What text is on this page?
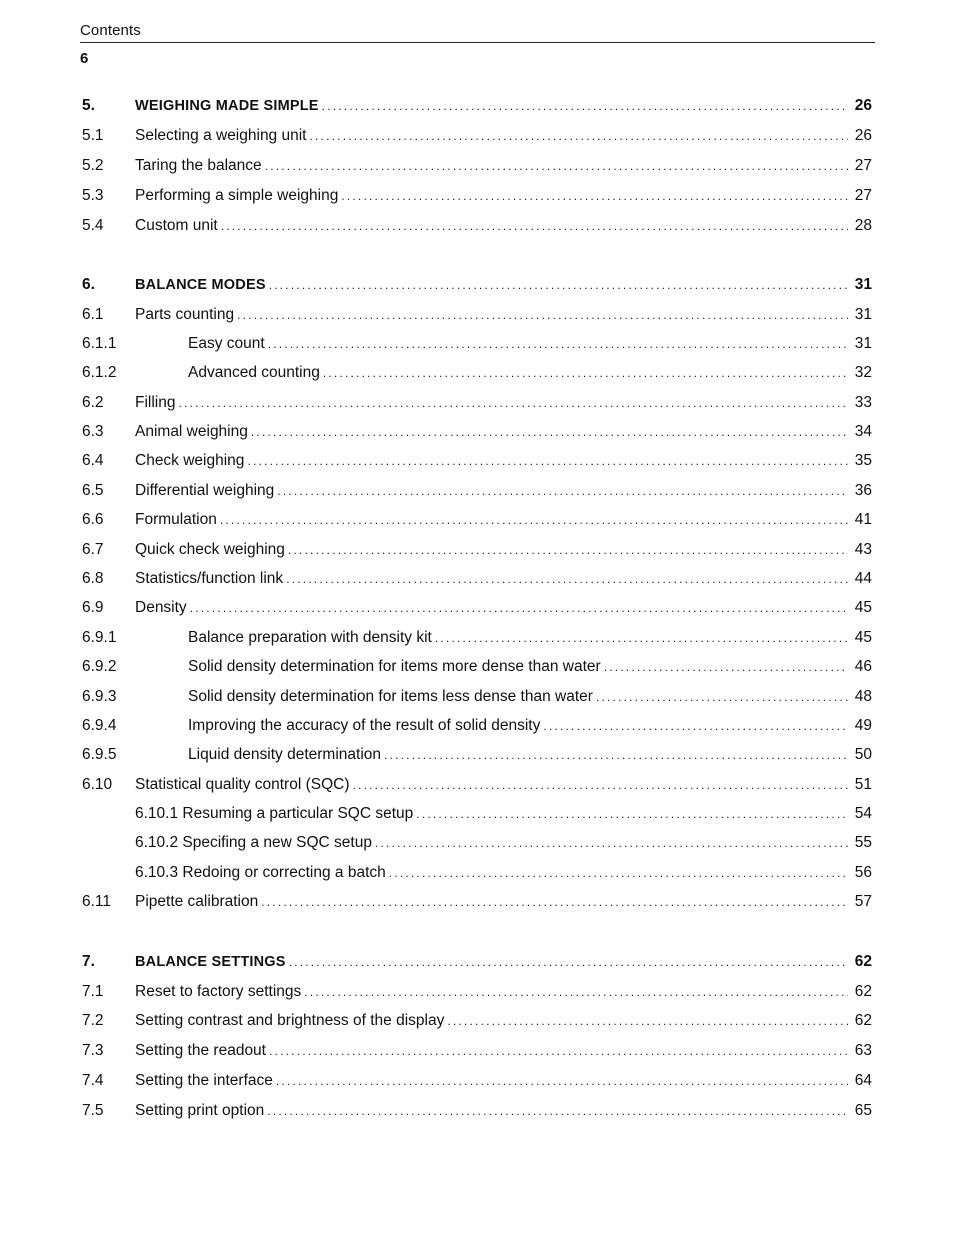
Contents
6
5.	WEIGHING MADE SIMPLE .....	26
5.1	Selecting a weighing unit .....	26
5.2	Taring the balance .....	27
5.3	Performing a simple weighing .....	27
5.4	Custom unit .....	28
6.	BALANCE MODES .....	31
6.1	Parts counting .....	31
6.1.1	Easy count .....	31
6.1.2	Advanced counting .....	32
6.2	Filling .....	33
6.3	Animal weighing .....	34
6.4	Check weighing .....	35
6.5	Differential weighing .....	36
6.6	Formulation .....	41
6.7	Quick check weighing .....	43
6.8	Statistics/function link .....	44
6.9	Density .....	45
6.9.1	Balance preparation with density kit .....	45
6.9.2	Solid density determination for items more dense than water .....	46
6.9.3	Solid density determination for items less dense than water .....	48
6.9.4	Improving the accuracy of the result of solid density .....	49
6.9.5	Liquid density determination .....	50
6.10	Statistical quality control (SQC) .....	51
6.10.1 Resuming a particular SQC setup .....	54
6.10.2 Specifing a new SQC setup .....	55
6.10.3 Redoing or correcting a batch .....	56
6.11	Pipette calibration .....	57
7.	BALANCE SETTINGS .....	62
7.1	Reset to factory settings .....	62
7.2	Setting contrast and brightness of the display .....	62
7.3	Setting the readout .....	63
7.4	Setting the interface .....	64
7.5	Setting print option .....	65
